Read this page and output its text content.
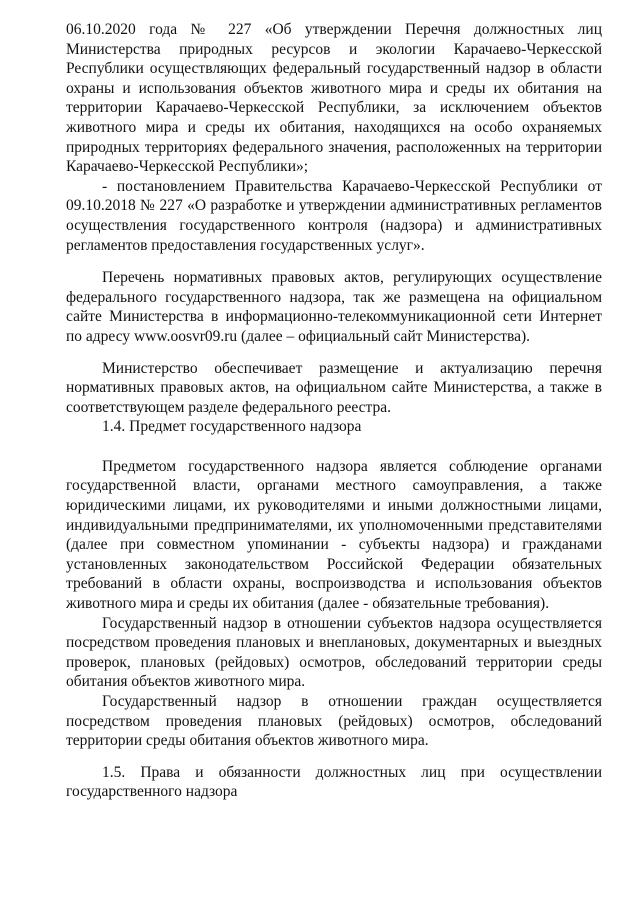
06.10.2020 года № 227 «Об утверждении Перечня должностных лиц Министерства природных ресурсов и экологии Карачаево-Черкесской Республики осуществляющих федеральный государственный надзор в области охраны и использования объектов животного мира и среды их обитания на территории Карачаево-Черкесской Республики, за исключением объектов животного мира и среды их обитания, находящихся на особо охраняемых природных территориях федерального значения, расположенных на территории Карачаево-Черкесской Республики»;

- постановлением Правительства Карачаево-Черкесской Республики от 09.10.2018 № 227 «О разработке и утверждении административных регламентов осуществления государственного контроля (надзора) и административных регламентов предоставления государственных услуг».

Перечень нормативных правовых актов, регулирующих осуществление федерального государственного надзора, так же размещена на официальном сайте Министерства в информационно-телекоммуникационной сети Интернет по адресу www.oosvr09.ru (далее – официальный сайт Министерства).

Министерство обеспечивает размещение и актуализацию перечня нормативных правовых актов, на официальном сайте Министерства, а также в соответствующем разделе федерального реестра.

1.4. Предмет государственного надзора

Предметом государственного надзора является соблюдение органами государственной власти, органами местного самоуправления, а также юридическими лицами, их руководителями и иными должностными лицами, индивидуальными предпринимателями, их уполномоченными представителями (далее при совместном упоминании - субъекты надзора) и гражданами установленных законодательством Российской Федерации обязательных требований в области охраны, воспроизводства и использования объектов животного мира и среды их обитания (далее - обязательные требования).

Государственный надзор в отношении субъектов надзора осуществляется посредством проведения плановых и внеплановых, документарных и выездных проверок, плановых (рейдовых) осмотров, обследований территории среды обитания объектов животного мира.

Государственный надзор в отношении граждан осуществляется посредством проведения плановых (рейдовых) осмотров, обследований территории среды обитания объектов животного мира.

1.5. Права и обязанности должностных лиц при осуществлении государственного надзора
